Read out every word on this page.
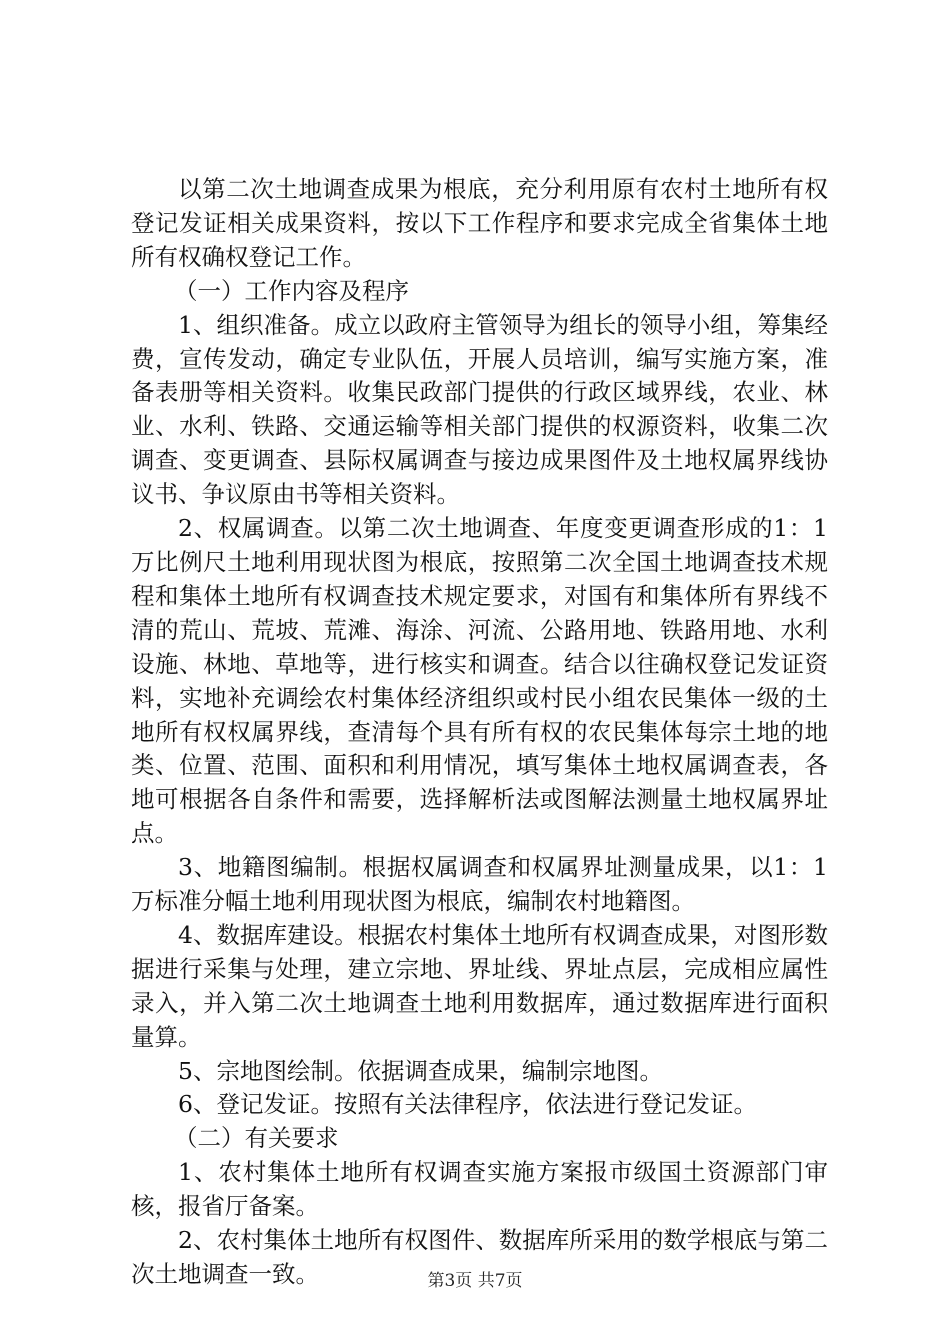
以第二次土地调查成果为根底，充分利用原有农村土地所有权登记发证相关成果资料，按以下工作程序和要求完成全省集体土地所有权确权登记工作。

（一）工作内容及程序

1、组织准备。成立以政府主管领导为组长的领导小组，筹集经费，宣传发动，确定专业队伍，开展人员培训，编写实施方案，准备表册等相关资料。收集民政部门提供的行政区域界线，农业、林业、水利、铁路、交通运输等相关部门提供的权源资料，收集二次调查、变更调查、县际权属调查与接边成果图件及土地权属界线协议书、争议原由书等相关资料。

2、权属调查。以第二次土地调查、年度变更调查形成的1：1万比例尺土地利用现状图为根底，按照第二次全国土地调查技术规程和集体土地所有权调查技术规定要求，对国有和集体所有界线不清的荒山、荒坡、荒滩、海涂、河流、公路用地、铁路用地、水利设施、林地、草地等，进行核实和调查。结合以往确权登记发证资料，实地补充调绘农村集体经济组织或村民小组农民集体一级的土地所有权权属界线，查清每个具有所有权的农民集体每宗土地的地类、位置、范围、面积和利用情况，填写集体土地权属调查表，各地可根据各自条件和需要，选择解析法或图解法测量土地权属界址点。

3、地籍图编制。根据权属调查和权属界址测量成果，以1：1万标准分幅土地利用现状图为根底，编制农村地籍图。

4、数据库建设。根据农村集体土地所有权调查成果，对图形数据进行采集与处理，建立宗地、界址线、界址点层，完成相应属性录入，并入第二次土地调查土地利用数据库，通过数据库进行面积量算。

5、宗地图绘制。依据调查成果，编制宗地图。

6、登记发证。按照有关法律程序，依法进行登记发证。

（二）有关要求

1、农村集体土地所有权调查实施方案报市级国土资源部门审核，报省厅备案。

2、农村集体土地所有权图件、数据库所采用的数学根底与第二次土地调查一致。	第3页 共7页
